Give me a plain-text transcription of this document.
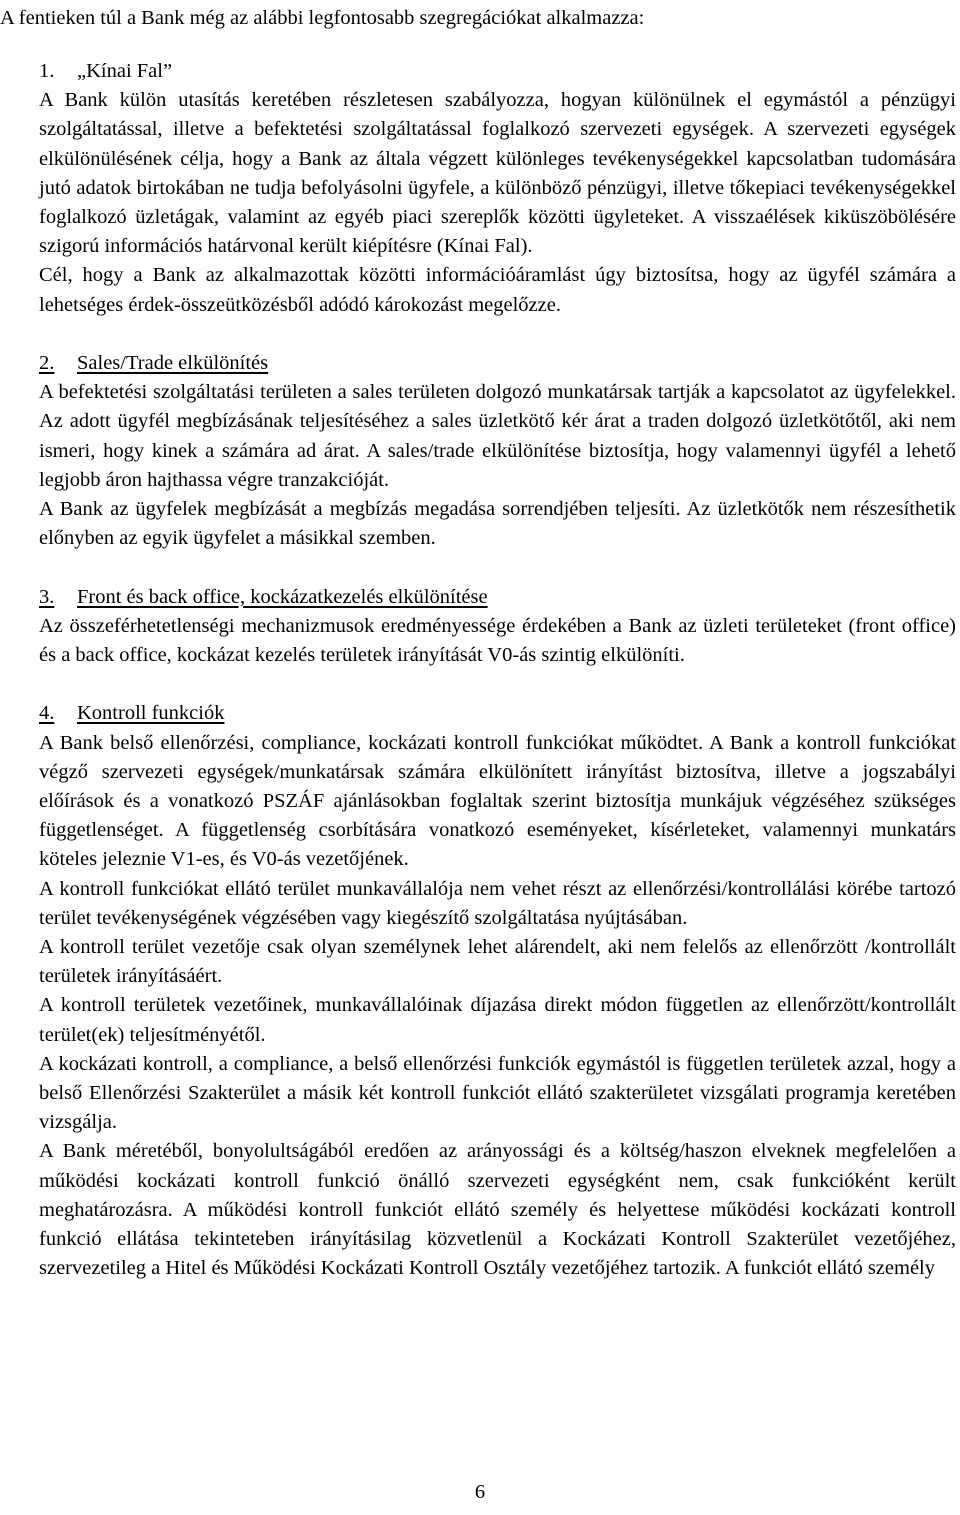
A fentieken túl a Bank még az alábbi legfontosabb szegregációkat alkalmazza:

1. „Kínai Fal”

A Bank külön utasítás keretében részletesen szabályozza, hogyan különülnek el egymástól a pénzügyi szolgáltatással, illetve a befektetési szolgáltatással foglalkozó szervezeti egységek. A szervezeti egységek elkülönülésének célja, hogy a Bank az általa végzett különleges tevékenységekkel kapcsolatban tudomására jutó adatok birtokában ne tudja befolyásolni ügyfele, a különböző pénzügyi, illetve tőkepiaci tevékenységekkel foglalkozó üzletágak, valamint az egyéb piaci szereplők közötti ügyleteket. A visszaélések kiküszöbölésére szigorú információs határvonal került kiépítésre (Kínai Fal).

Cél, hogy a Bank az alkalmazottak közötti információáramlást úgy biztosítsa, hogy az ügyfél számára a lehetséges érdek-összeütközésből adódó károkozást megelőzze.

2. Sales/Trade elkülönítés

A befektetési szolgáltatási területen a sales területen dolgozó munkatársak tartják a kapcsolatot az ügyfelekkel. Az adott ügyfél megbízásának teljesítéséhez a sales üzletkötő kér árat a traden dolgozó üzletkötőtől, aki nem ismeri, hogy kinek a számára ad árat. A sales/trade elkülönítése biztosítja, hogy valamennyi ügyfél a lehető legjobb áron hajthassa végre tranzakcióját.

A Bank az ügyfelek megbízását a megbízás megadása sorrendjében teljesíti. Az üzletkötők nem részesíthetik előnyben az egyik ügyfelet a másikkal szemben.

3. Front és back office, kockázatkezelés elkülönítése

Az összeférhetetlenségi mechanizmusok eredményessége érdekében a Bank az üzleti területeket (front office) és a back office, kockázat kezelés területek irányítását V0-ás szintig elkülöníti.

4. Kontroll funkciók

A Bank belső ellenőrzési, compliance, kockázati kontroll funkciókat működtet. A Bank a kontroll funkciókat végző szervezeti egységek/munkatársak számára elkülönített irányítást biztosítva, illetve a jogszabályi előírások és a vonatkozó PSZÁF ajánlásokban foglaltak szerint biztosítja munkájuk végzéséhez szükséges függetlenséget. A függetlenség csorbítására vonatkozó eseményeket, kísérleteket, valamennyi munkatárs köteles jeleznie V1-es, és V0-ás vezetőjének.

A kontroll funkciókat ellátó terület munkavállalója nem vehet részt az ellenőrzési/kontrollálási körébe tartozó terület tevékenységének végzésében vagy kiegészítő szolgáltatása nyújtásában.

A kontroll terület vezetője csak olyan személynek lehet alárendelt, aki nem felelős az ellenőrzött /kontrollált területek irányításáért.

A kontroll területek vezetőinek, munkavállalóinak díjazása direkt módon független az ellenőrzött/kontrollált terület(ek) teljesítményétől.

A kockázati kontroll, a compliance, a belső ellenőrzési funkciók egymástól is független területek azzal, hogy a belső Ellenőrzési Szakterület a másik két kontroll funkciót ellátó szakterületet vizsgálati programja keretében vizsgálja.

A Bank méretéből, bonyolultságából eredően az arányossági és a költség/haszon elveknek megfelelően a működési kockázati kontroll funkció önálló szervezeti egységként nem, csak funkcióként került meghatározásra. A működési kontroll funkciót ellátó személy és helyettese működési kockázati kontroll funkció ellátása tekinteteben irányításilag közvetlenül a Kockázati Kontroll Szakterület vezetőjéhez, szervezetileg a Hitel és Működési Kockázati Kontroll Osztály vezetőjéhez tartozik. A funkciót ellátó személy

6
